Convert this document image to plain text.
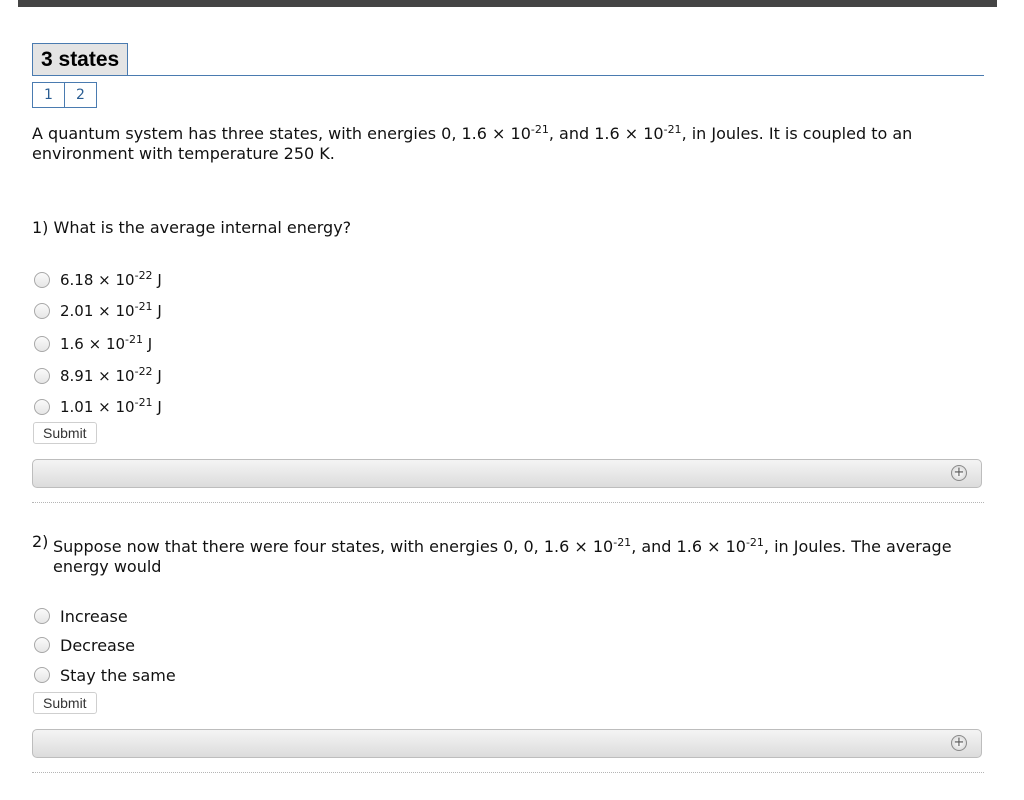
3 states
1	2
A quantum system has three states, with energies 0, $1.6 \times 10^{-21}$, and $1.6 \times 10^{-21}$, in Joules. It is coupled to an environment with temperature 250 K.
1) What is the average internal energy?
$6.18 \times 10^{-22}$ J
$2.01 \times 10^{-21}$ J
$1.6 \times 10^{-21}$ J
$8.91 \times 10^{-22}$ J
$1.01 \times 10^{-21}$ J
Submit
+
2) Suppose now that there were four states, with energies 0, 0, $1.6 \times 10^{-21}$, and $1.6 \times 10^{-21}$, in Joules. The average energy would
Increase
Decrease
Stay the same
Submit
+
